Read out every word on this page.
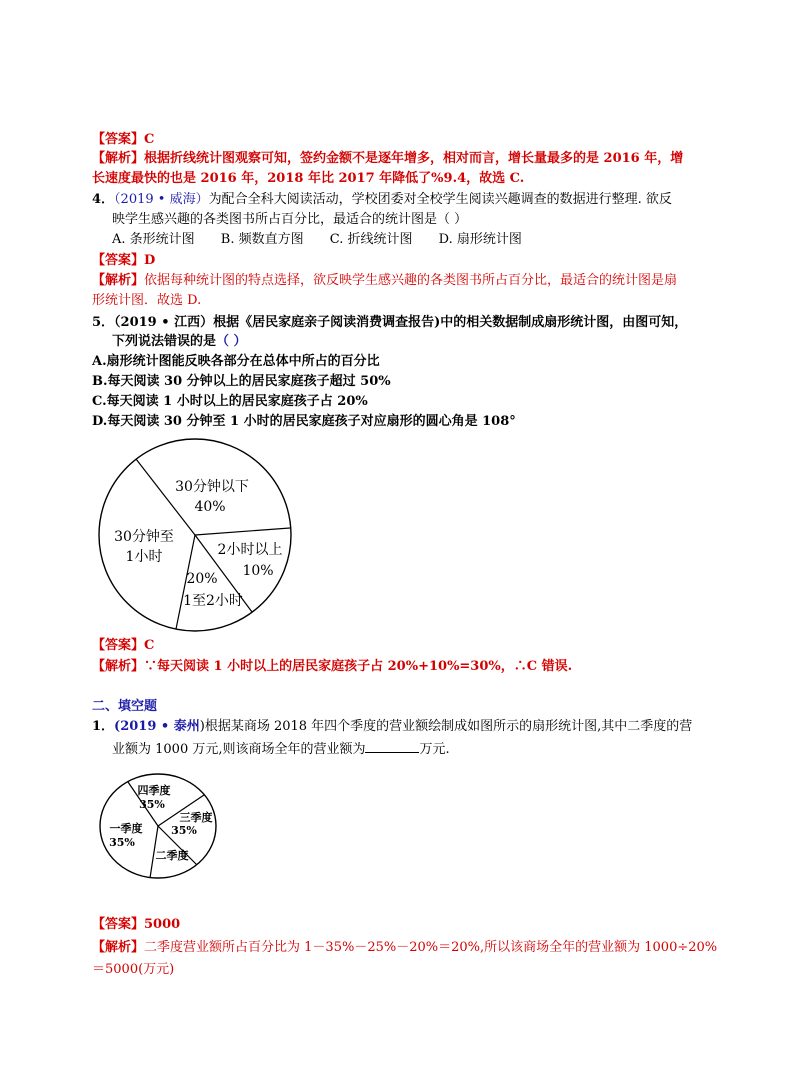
【答案】C
【解析】根据折线统计图观察可知，签约金额不是逐年增多，相对而言，增长量最多的是 2016 年，增
长速度最快的也是 2016 年，2018 年比 2017 年降低了%9.4，故选 C.
4．（2019 • 威海）为配合全科大阅读活动，学校团委对全校学生阅读兴趣调查的数据进行整理. 欲反
映学生感兴趣的各类图书所占百分比，最适合的统计图是（ ）
A. 条形统计图 B. 频数直方图 C. 折线统计图 D. 扇形统计图
【答案】D
【解析】依据每种统计图的特点选择，欲反映学生感兴趣的各类图书所占百分比，最适合的统计图是扇
形统计图．故选 D.
5．（2019 • 江西）根据《居民家庭亲子阅读消费调查报告)中的相关数据制成扇形统计图，由图可知，
下列说法错误的是（ ）
A.扇形统计图能反映各部分在总体中所占的百分比
B.每天阅读 30 分钟以上的居民家庭孩子超过 50%
C.每天阅读 1 小时以上的居民家庭孩子占 20%
D.每天阅读 30 分钟至 1 小时的居民家庭孩子对应扇形的圆心角是 108°
30分钟以下
40%
30分钟至
1小时	2小时以上
10%
20%
1至2小时
【答案】C
【解析】∵每天阅读 1 小时以上的居民家庭孩子占 20%+10%=30%，∴C 错误.
二、填空题
1．(2019 • 泰州)根据某商场 2018 年四个季度的营业额绘制成如图所示的扇形统计图,其中二季度的营
业额为 1000 万元,则该商场全年的营业额为	万元.
四季度
35%
三季度
35%
一季度
35%
二季度
【答案】5000
【解析】二季度营业额所占百分比为 1－35%－25%－20%＝20%,所以该商场全年的营业额为 1000÷20%
＝5000(万元)
